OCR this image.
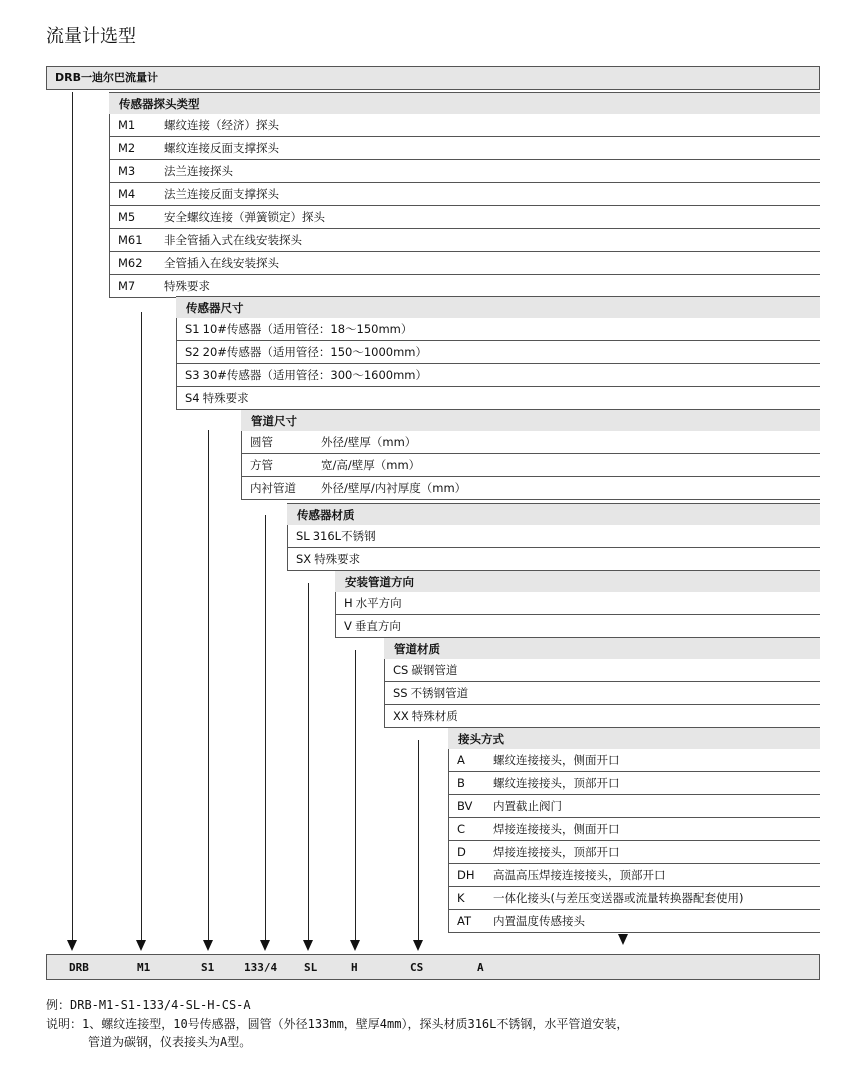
流量计选型
DRB一迪尔巴流量计
传感器探头类型
M1	螺纹连接（经济）探头
M2	螺纹连接反面支撑探头
M3	法兰连接探头
M4	法兰连接反面支撑探头
M5	安全螺纹连接（弹簧锁定）探头
M61 非全管插入式在线安装探头
M62 全管插入在线安装探头
M7	特殊要求
传感器尺寸
S1 10#传感器（适用管径：18～150mm）
S2 20#传感器（适用管径：150～1000mm）
S3 30#传感器（适用管径：300～1600mm）
S4 特殊要求
管道尺寸
圆管	外径/壁厚（mm）
方管	宽/高/壁厚（mm）
内衬管道 外径/壁厚/内衬厚度（mm）
传感器材质
SL 316L不锈钢
SX 特殊要求
安装管道方向
H 水平方向
V 垂直方向
管道材质
CS 碳钢管道
SS 不锈钢管道
XX 特殊材质
接头方式
A 螺纹连接接头，侧面开口
B 螺纹连接接头，顶部开口
BV 内置截止阀门
C 焊接连接接头，侧面开口
D 焊接连接接头，顶部开口
DH 高温高压焊接连接接头，顶部开口
K 一体化接头(与差压变送器或流量转换器配套使用)
AT 内置温度传感接头
DRB	M1	S1	133/4 SL	H	CS	A
例：DRB-M1-S1-133/4-SL-H-CS-A
说明：1、螺纹连接型，10号传感器，圆管（外径133mm，壁厚4mm），探头材质316L不锈钢，水平管道安装，
管道为碳钢，仪表接头为A型。
